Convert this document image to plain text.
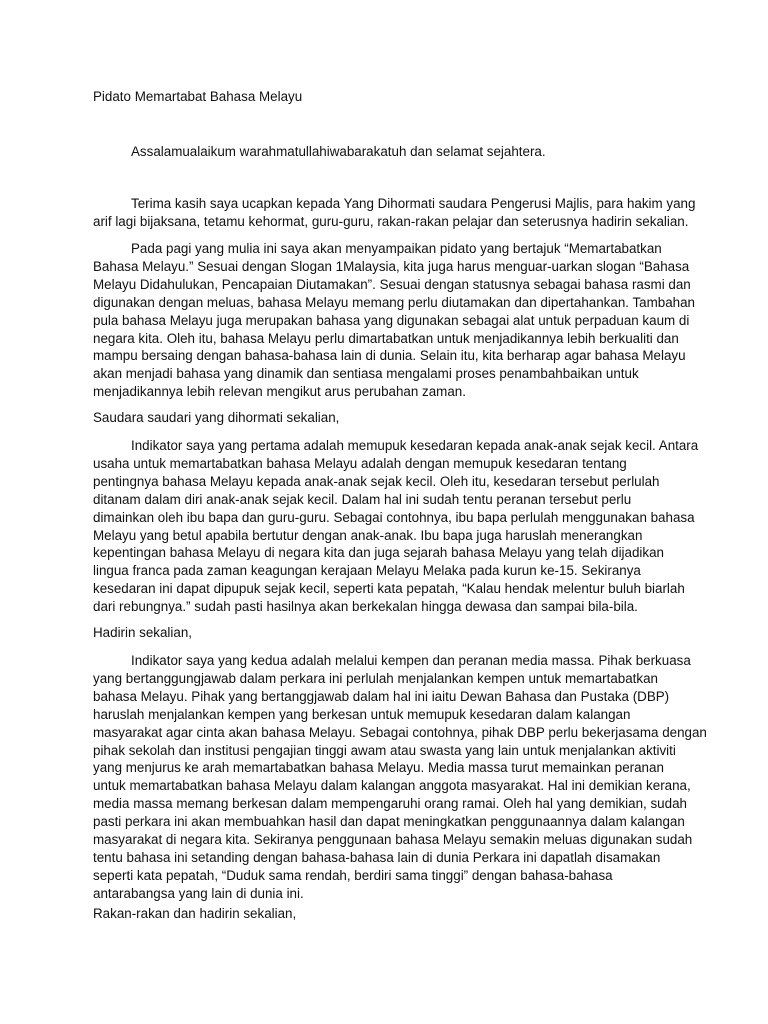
Pidato Memartabat Bahasa Melayu

Assalamualaikum warahmatullahiwabarakatuh dan selamat sejahtera.

Terima kasih saya ucapkan kepada Yang Dihormati saudara Pengerusi Majlis, para hakim yang
arif lagi bijaksana, tetamu kehormat, guru-guru, rakan-rakan pelajar dan seterusnya hadirin sekalian.

Pada pagi yang mulia ini saya akan menyampaikan pidato yang bertajuk “Memartabatkan
Bahasa Melayu.” Sesuai dengan Slogan 1Malaysia, kita juga harus menguar-uarkan slogan “Bahasa
Melayu Didahulukan, Pencapaian Diutamakan”. Sesuai dengan statusnya sebagai bahasa rasmi dan
digunakan dengan meluas, bahasa Melayu memang perlu diutamakan dan dipertahankan. Tambahan
pula bahasa Melayu juga merupakan bahasa yang digunakan sebagai alat untuk perpaduan kaum di
negara kita. Oleh itu, bahasa Melayu perlu dimartabatkan untuk menjadikannya lebih berkualiti dan
mampu bersaing dengan bahasa-bahasa lain di dunia. Selain itu, kita berharap agar bahasa Melayu
akan menjadi bahasa yang dinamik dan sentiasa mengalami proses penambahbaikan untuk
menjadikannya lebih relevan mengikut arus perubahan zaman.

Saudara saudari yang dihormati sekalian,

Indikator saya yang pertama adalah memupuk kesedaran kepada anak-anak sejak kecil. Antara
usaha untuk memartabatkan bahasa Melayu adalah dengan memupuk kesedaran tentang
pentingnya bahasa Melayu kepada anak-anak sejak kecil. Oleh itu, kesedaran tersebut perlulah
ditanam dalam diri anak-anak sejak kecil. Dalam hal ini sudah tentu peranan tersebut perlu
dimainkan oleh ibu bapa dan guru-guru. Sebagai contohnya, ibu bapa perlulah menggunakan bahasa
Melayu yang betul apabila bertutur dengan anak-anak. Ibu bapa juga haruslah menerangkan
kepentingan bahasa Melayu di negara kita dan juga sejarah bahasa Melayu yang telah dijadikan
lingua franca pada zaman keagungan kerajaan Melayu Melaka pada kurun ke-15. Sekiranya
kesedaran ini dapat dipupuk sejak kecil, seperti kata pepatah, “Kalau hendak melentur buluh biarlah
dari rebungnya.” sudah pasti hasilnya akan berkekalan hingga dewasa dan sampai bila-bila.

Hadirin sekalian,

Indikator saya yang kedua adalah melalui kempen dan peranan media massa. Pihak berkuasa
yang bertanggungjawab dalam perkara ini perlulah menjalankan kempen untuk memartabatkan
bahasa Melayu. Pihak yang bertanggjawab dalam hal ini iaitu Dewan Bahasa dan Pustaka (DBP)
haruslah menjalankan kempen yang berkesan untuk memupuk kesedaran dalam kalangan
masyarakat agar cinta akan bahasa Melayu. Sebagai contohnya, pihak DBP perlu bekerjasama dengan
pihak sekolah dan institusi pengajian tinggi awam atau swasta yang lain untuk menjalankan aktiviti
yang menjurus ke arah memartabatkan bahasa Melayu. Media massa turut memainkan peranan
untuk memartabatkan bahasa Melayu dalam kalangan anggota masyarakat. Hal ini demikian kerana,
media massa memang berkesan dalam mempengaruhi orang ramai. Oleh hal yang demikian, sudah
pasti perkara ini akan membuahkan hasil dan dapat meningkatkan penggunaannya dalam kalangan
masyarakat di negara kita. Sekiranya penggunaan bahasa Melayu semakin meluas digunakan sudah
tentu bahasa ini setanding dengan bahasa-bahasa lain di dunia Perkara ini dapatlah disamakan
seperti kata pepatah, “Duduk sama rendah, berdiri sama tinggi” dengan bahasa-bahasa
antarabangsa yang lain di dunia ini.

Rakan-rakan dan hadirin sekalian,
